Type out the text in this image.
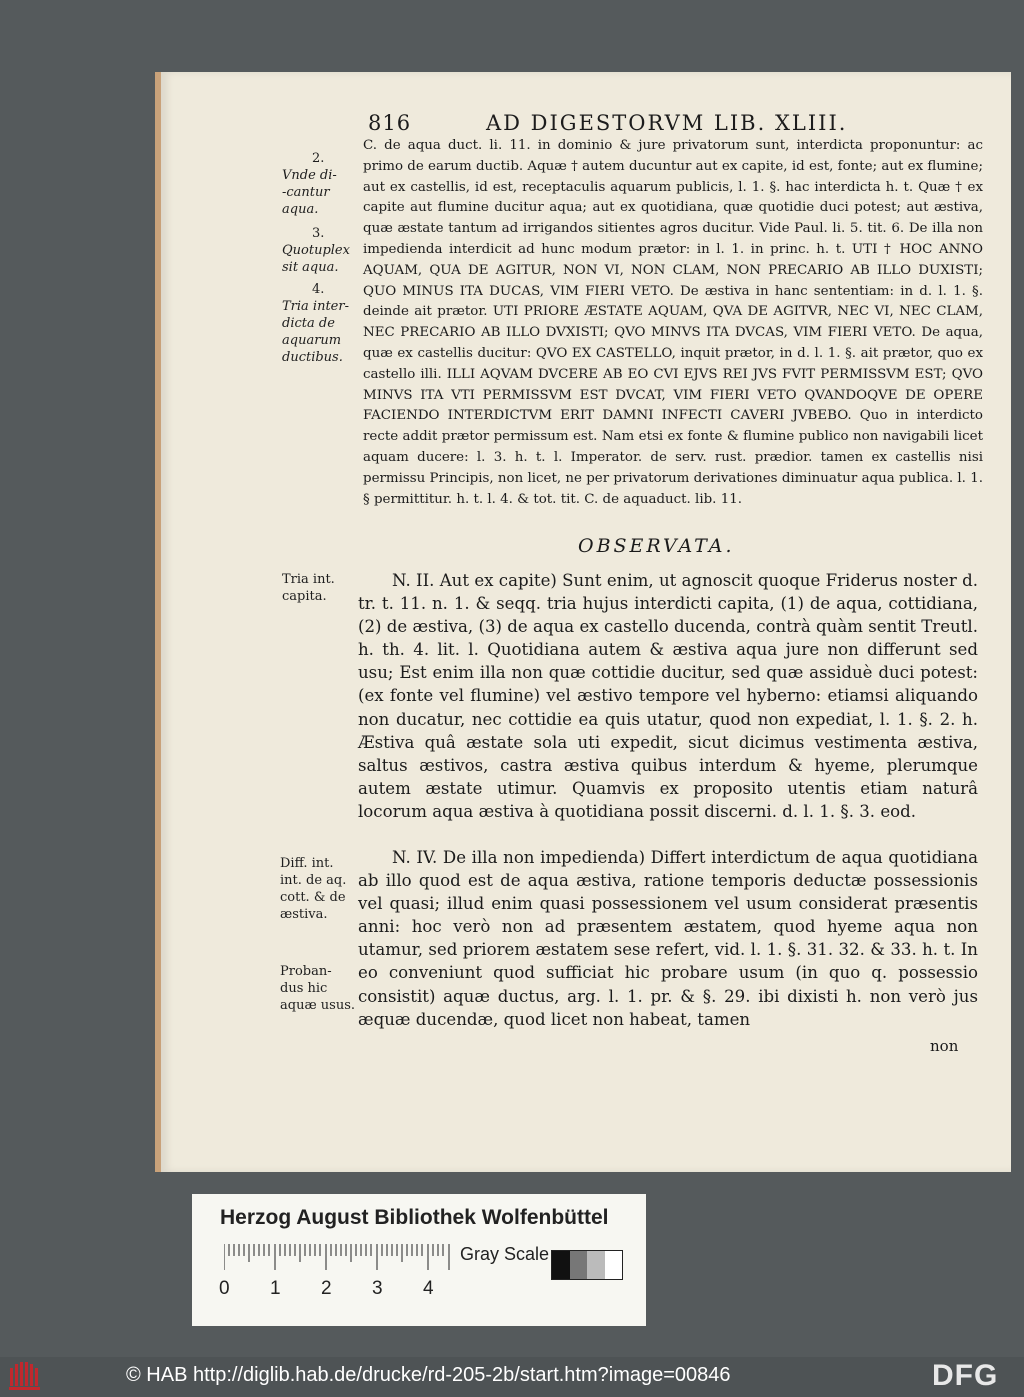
816	AD DIGESTORVM LIB. XLIII.
2.
Vnde di-
-cantur
aqua.
3.
Quotuplex
sit aqua.
4.
Tria inter-
dicta de
aquarum
ductibus.
Tria int.
capita.
Diff. int.
int. de aq.
cott. & de
æstiva.
Proban-
dus hic
aquæ usus.

C. de aqua duct. li. 11. in dominio & jure privatorum sunt, interdicta proponuntur: ac primo de earum ductib. Aquæ † autem ducuntur aut ex capite, id est, fonte; aut ex flumine; aut ex castellis, id est, receptaculis aquarum publicis, l. 1. §. hac interdicta h. t. Quæ † ex capite aut flumine ducitur aqua; aut ex quotidiana, quæ quotidie duci potest; aut æstiva, quæ æstate tantum ad irrigandos sitientes agros ducitur. Vide Paul. li. 5. tit. 6. De illa non impedienda interdicit ad hunc modum prætor: in l. 1. in princ. h. t. UTI † HOC ANNO AQUAM, QUA DE AGITUR, NON VI, NON CLAM, NON PRECARIO AB ILLO DUXISTI; QUO MINUS ITA DUCAS, VIM FIERI VETO. De æstiva in hanc sententiam: in d. l. 1. §. deinde ait prætor. UTI PRIORE ÆSTATE AQUAM, QVA DE AGITVR, NEC VI, NEC CLAM, NEC PRECARIO AB ILLO DVXISTI; QVO MINVS ITA DVCAS, VIM FIERI VETO. De aqua, quæ ex castellis ducitur: QVO EX CASTELLO, inquit prætor, in d. l. 1. §. ait prætor, quo ex castello illi. ILLI AQVAM DVCERE AB EO CVI EJVS REI JVS FVIT PERMISSVM EST; QVO MINVS ITA VTI PERMISSVM EST DVCAT, VIM FIERI VETO QVANDOQVE DE OPERE FACIENDO INTERDICTVM ERIT DAMNI INFECTI CAVERI JVBEBO. Quo in interdicto recte addit prætor permissum est. Nam etsi ex fonte & flumine publico non navigabili licet aquam ducere: l. 3. h. t. l. Imperator. de serv. rust. prædior. tamen ex castellis nisi permissu Principis, non licet, ne per privatorum derivationes diminuatur aqua publica. l. 1. § permittitur. h. t. l. 4. & tot. tit. C. de aquaduct. lib. 11.

OBSERVATA.

N. II. Aut ex capite) Sunt enim, ut agnoscit quoque Friderus noster d. tr. t. 11. n. 1. & seqq. tria hujus interdicti capita, (1) de aqua, cottidiana, (2) de æstiva, (3) de aqua ex castello ducenda, contrà quàm sentit Treutl. h. th. 4. lit. l. Quotidiana autem & æstiva aqua jure non differunt sed usu; Est enim illa non quæ cottidie ducitur, sed quæ assiduè duci potest: (ex fonte vel flumine) vel æstivo tempore vel hyberno: etiamsi aliquando non ducatur, nec cottidie ea quis utatur, quod non expediat, l. 1. §. 2. h. Æstiva quâ æstate sola uti expedit, sicut dicimus vestimenta æstiva, saltus æstivos, castra æstiva quibus interdum & hyeme, plerumque autem æstate utimur. Quamvis ex proposito utentis etiam naturâ locorum aqua æstiva à quotidiana possit discerni. d. l. 1. §. 3. eod.

N. IV. De illa non impedienda) Differt interdictum de aqua quotidiana ab illo quod est de aqua æstiva, ratione temporis deductæ possessionis vel quasi; illud enim quasi possessionem vel usum considerat præsentis anni: hoc verò non ad præsentem æstatem, quod hyeme aqua non utamur, sed priorem æstatem sese refert, vid. l. 1. §. 31. 32. & 33. h. t. In eo conveniunt quod sufficiat hic probare usum (in quo q. possessio consistit) aquæ ductus, arg. l. 1. pr. & §. 29. ibi dixisti h. non verò jus æquæ ducendæ, quod licet non habeat, tamen

non
Herzog August Bibliothek Wolfenbüttel
Gray Scale
0 1 2 3 4
© HAB http://diglib.hab.de/drucke/rd-205-2b/start.htm?image=00846	DFG
